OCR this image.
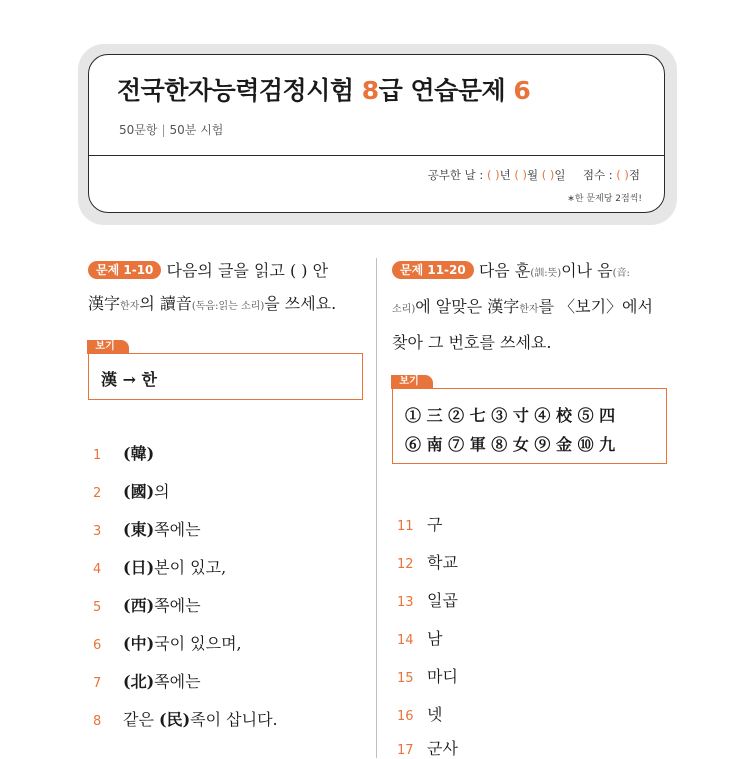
전국한자능력검정시험 8급 연습문제 6
50문항 | 50분 시험
공부한 날 : ( )년 ( )월 ( )일 점수 : ( )점
∗한 문제당 2점씩!
문제 1-10 다음의 글을 읽고 ( ) 안
漢字한자의 讀音(독음:읽는 소리)을 쓰세요.
보기
漢 → 한
1 (韓)
2 (國)의
3 (東)쪽에는
4 (日)본이 있고,
5 (西)쪽에는
6 (中)국이 있으며,
7 (北)쪽에는
8 같은 (民)족이 삽니다.
문제 11-20 다음 훈(訓:뜻)이나 음(音:
소리)에 알맞은 漢字한자를 〈보기〉에서
찾아 그 번호를 쓰세요.
보기
① 三 ② 七 ③ 寸 ④ 校 ⑤ 四
⑥ 南 ⑦ 軍 ⑧ 女 ⑨ 金 ⑩ 九
11 구
12 학교
13 일곱
14 남
15 마디
16 넷
17 군사
